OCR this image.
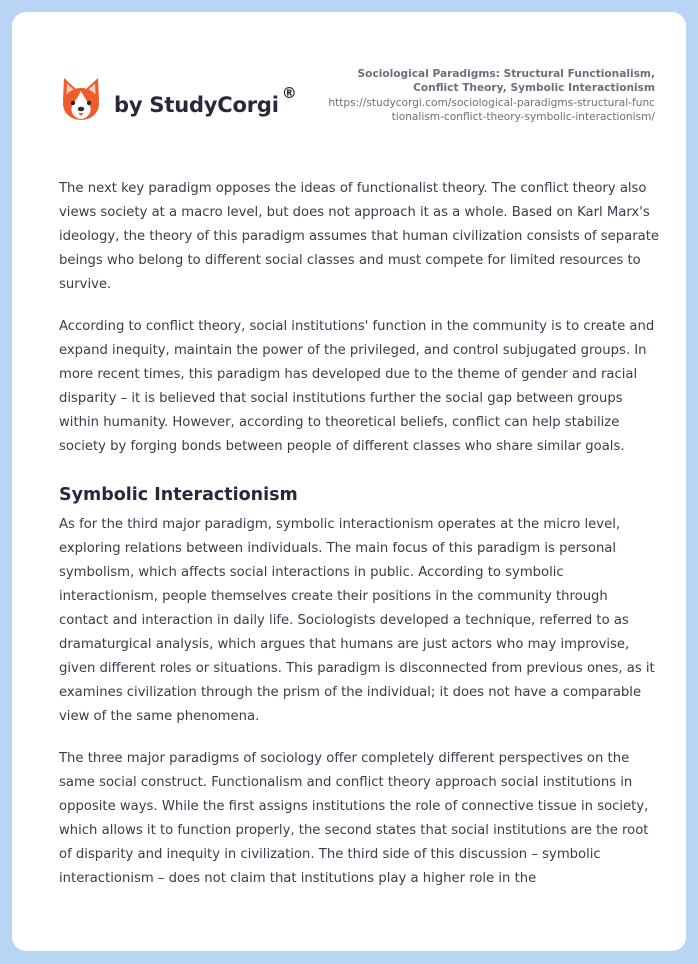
by StudyCorgi ®
Sociological Paradigms: Structural Functionalism, Conflict Theory, Symbolic Interactionism
https://studycorgi.com/sociological-paradigms-structural-functionalism-conflict-theory-symbolic-interactionism/

The next key paradigm opposes the ideas of functionalist theory. The conflict theory also views society at a macro level, but does not approach it as a whole. Based on Karl Marx's ideology, the theory of this paradigm assumes that human civilization consists of separate beings who belong to different social classes and must compete for limited resources to survive.

According to conflict theory, social institutions' function in the community is to create and expand inequity, maintain the power of the privileged, and control subjugated groups. In more recent times, this paradigm has developed due to the theme of gender and racial disparity – it is believed that social institutions further the social gap between groups within humanity. However, according to theoretical beliefs, conflict can help stabilize society by forging bonds between people of different classes who share similar goals.

Symbolic Interactionism

As for the third major paradigm, symbolic interactionism operates at the micro level, exploring relations between individuals. The main focus of this paradigm is personal symbolism, which affects social interactions in public. According to symbolic interactionism, people themselves create their positions in the community through contact and interaction in daily life. Sociologists developed a technique, referred to as dramaturgical analysis, which argues that humans are just actors who may improvise, given different roles or situations. This paradigm is disconnected from previous ones, as it examines civilization through the prism of the individual; it does not have a comparable view of the same phenomena.

The three major paradigms of sociology offer completely different perspectives on the same social construct. Functionalism and conflict theory approach social institutions in opposite ways. While the first assigns institutions the role of connective tissue in society, which allows it to function properly, the second states that social institutions are the root of disparity and inequity in civilization. The third side of this discussion – symbolic interactionism – does not claim that institutions play a higher role in the
